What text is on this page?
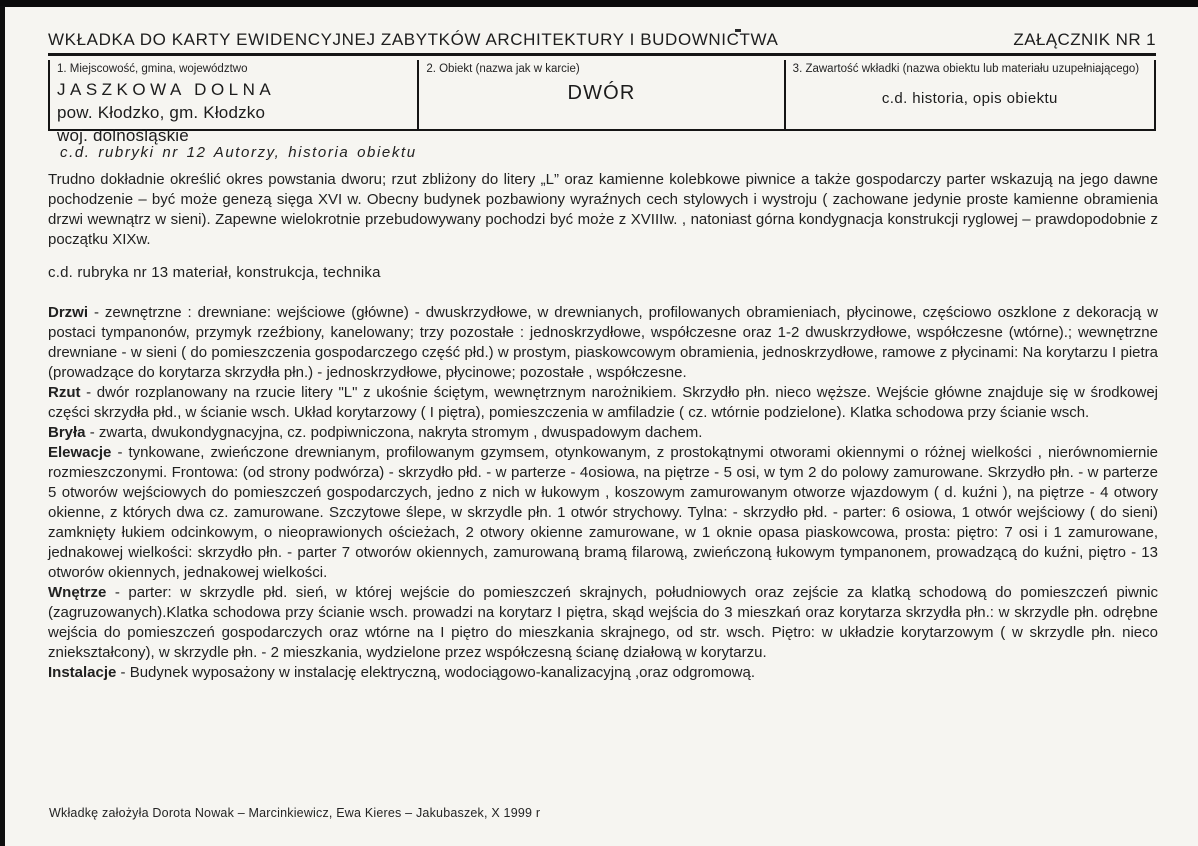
WKŁADKA DO KARTY EWIDENCYJNEJ ZABYTKÓW ARCHITEKTURY I BUDOWNICTWA	ZAŁĄCZNIK NR 1
1. Miejscowość, gmina, województwo
JASZKOWA DOLNA
pow. Kłodzko, gm. Kłodzko
woj. dolnośląskie
2. Obiekt (nazwa jak w karcie)
DWÓR
3. Zawartość wkładki (nazwa obiektu lub materiału uzupełniającego)
c.d. historia, opis obiektu
c.d. rubryki nr 12 Autorzy, historia obiektu

Trudno dokładnie określić okres powstania dworu; rzut zbliżony do litery „L” oraz kamienne kolebkowe piwnice a także gospodarczy parter wskazują na jego dawne pochodzenie – być może genezą sięga XVI w. Obecny budynek pozbawiony wyraźnych cech stylowych i wystroju ( zachowane jedynie proste kamienne obramienia drzwi wewnątrz w sieni). Zapewne wielokrotnie przebudowywany pochodzi być może z XVIIIw. , natoniast górna kondygnacja konstrukcji ryglowej – prawdopodobnie z początku XIXw.

c.d. rubryka nr 13 materiał, konstrukcja, technika

Drzwi - zewnętrzne : drewniane: wejściowe (główne) - dwuskrzydłowe, w drewnianych, profilowanych obramieniach, płycinowe, częściowo oszklone z dekoracją w postaci tympanonów, przymyk rzeźbiony, kanelowany; trzy pozostałe : jednoskrzydłowe, współczesne oraz 1-2 dwuskrzydłowe, współczesne (wtórne).; wewnętrzne drewniane - w sieni ( do pomieszczenia gospodarczego część płd.) w prostym, piaskowcowym obramienia, jednoskrzydłowe, ramowe z płycinami: Na korytarzu I pietra (prowadzące do korytarza skrzydła płn.) - jednoskrzydłowe, płycinowe; pozostałe , współczesne.

Rzut - dwór rozplanowany na rzucie litery "L" z ukośnie ściętym, wewnętrznym narożnikiem. Skrzydło płn. nieco węższe. Wejście główne znajduje się w środkowej części skrzydła płd., w ścianie wsch. Układ korytarzowy ( I piętra), pomieszczenia w amfiladzie ( cz. wtórnie podzielone). Klatka schodowa przy ścianie wsch.

Bryła - zwarta, dwukondygnacyjna, cz. podpiwniczona, nakryta stromym , dwuspadowym dachem.

Elewacje - tynkowane, zwieńczone drewnianym, profilowanym gzymsem, otynkowanym, z prostokątnymi otworami okiennymi o różnej wielkości , nierównomiernie rozmieszczonymi. Frontowa: (od strony podwórza) - skrzydło płd. - w parterze - 4osiowa, na piętrze - 5 osi, w tym 2 do polowy zamurowane. Skrzydło płn. - w parterze 5 otworów wejściowych do pomieszczeń gospodarczych, jedno z nich w łukowym , koszowym zamurowanym otworze wjazdowym ( d. kuźni ), na piętrze - 4 otwory okienne, z których dwa cz. zamurowane. Szczytowe ślepe, w skrzydle płn. 1 otwór strychowy. Tylna: - skrzydło płd. - parter: 6 osiowa, 1 otwór wejściowy ( do sieni) zamknięty łukiem odcinkowym, o nieoprawionych ościeżach, 2 otwory okienne zamurowane, w 1 oknie opasa piaskowcowa, prosta: piętro: 7 osi i 1 zamurowane, jednakowej wielkości: skrzydło płn. - parter 7 otworów okiennych, zamurowaną bramą filarową, zwieńczoną łukowym tympanonem, prowadzącą do kuźni, piętro - 13 otworów okiennych, jednakowej wielkości.

Wnętrze - parter: w skrzydle płd. sień, w której wejście do pomieszczeń skrajnych, południowych oraz zejście za klatką schodową do pomieszczeń piwnic (zagruzowanych).Klatka schodowa przy ścianie wsch. prowadzi na korytarz I piętra, skąd wejścia do 3 mieszkań oraz korytarza skrzydła płn.: w skrzydle płn. odrębne wejścia do pomieszczeń gospodarczych oraz wtórne na I piętro do mieszkania skrajnego, od str. wsch. Piętro: w układzie korytarzowym ( w skrzydle płn. nieco zniekształcony), w skrzydle płn. - 2 mieszkania, wydzielone przez współczesną ścianę działową w korytarzu.

Instalacje - Budynek wyposażony w instalację elektryczną, wodociągowo-kanalizacyjną ,oraz odgromową.

Wkładkę założyła Dorota Nowak – Marcinkiewicz, Ewa Kieres – Jakubaszek, X 1999 r
